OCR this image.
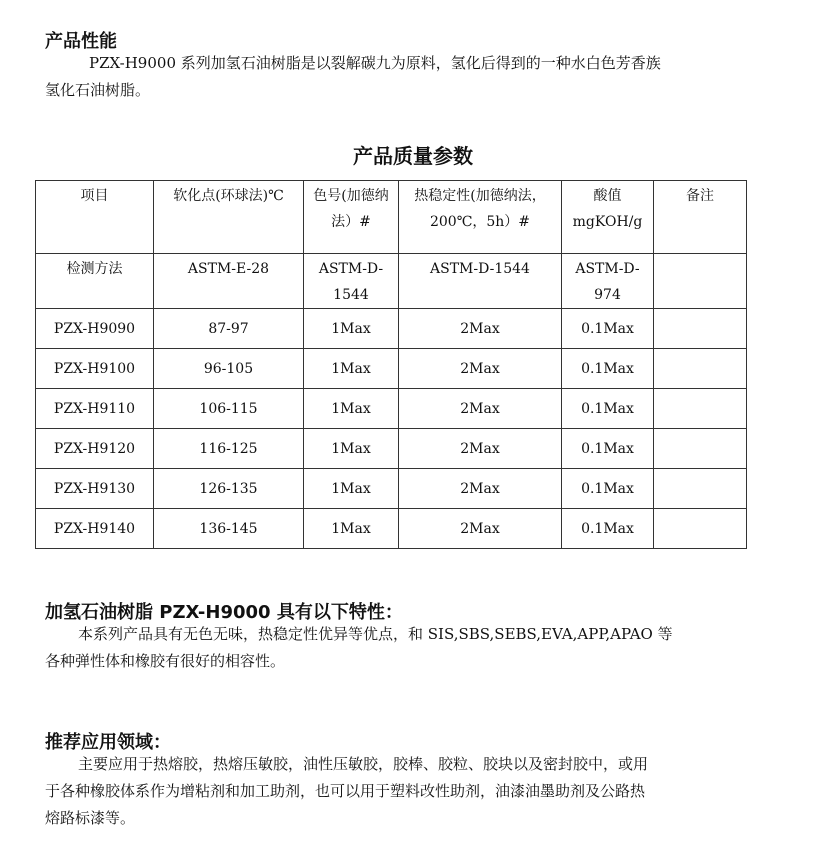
产品性能
PZX-H9000 系列加氢石油树脂是以裂解碳九为原料，氢化后得到的一种水白色芳香族
氢化石油树脂。
产品质量参数
项目	软化点(环球法)℃	色号(加德纳法）#	热稳定性(加德纳法，200℃，5h）#	酸值 mgKOH/g	备注
检测方法	ASTM-E-28	ASTM-D-1544	ASTM-D-1544	ASTM-D-974	
PZX-H9090	87-97	1Max	2Max	0.1Max	
PZX-H9100	96-105	1Max	2Max	0.1Max	
PZX-H9110	106-115	1Max	2Max	0.1Max	
PZX-H9120	116-125	1Max	2Max	0.1Max	
PZX-H9130	126-135	1Max	2Max	0.1Max	
PZX-H9140	136-145	1Max	2Max	0.1Max	
加氢石油树脂 PZX-H9000 具有以下特性：
本系列产品具有无色无味，热稳定性优异等优点，和 SIS,SBS,SEBS,EVA,APP,APAO 等
各种弹性体和橡胶有很好的相容性。
推荐应用领域：
主要应用于热熔胶，热熔压敏胶，油性压敏胶，胶棒、胶粒、胶块以及密封胶中，或用
于各种橡胶体系作为增粘剂和加工助剂，也可以用于塑料改性助剂，油漆油墨助剂及公路热
熔路标漆等。
